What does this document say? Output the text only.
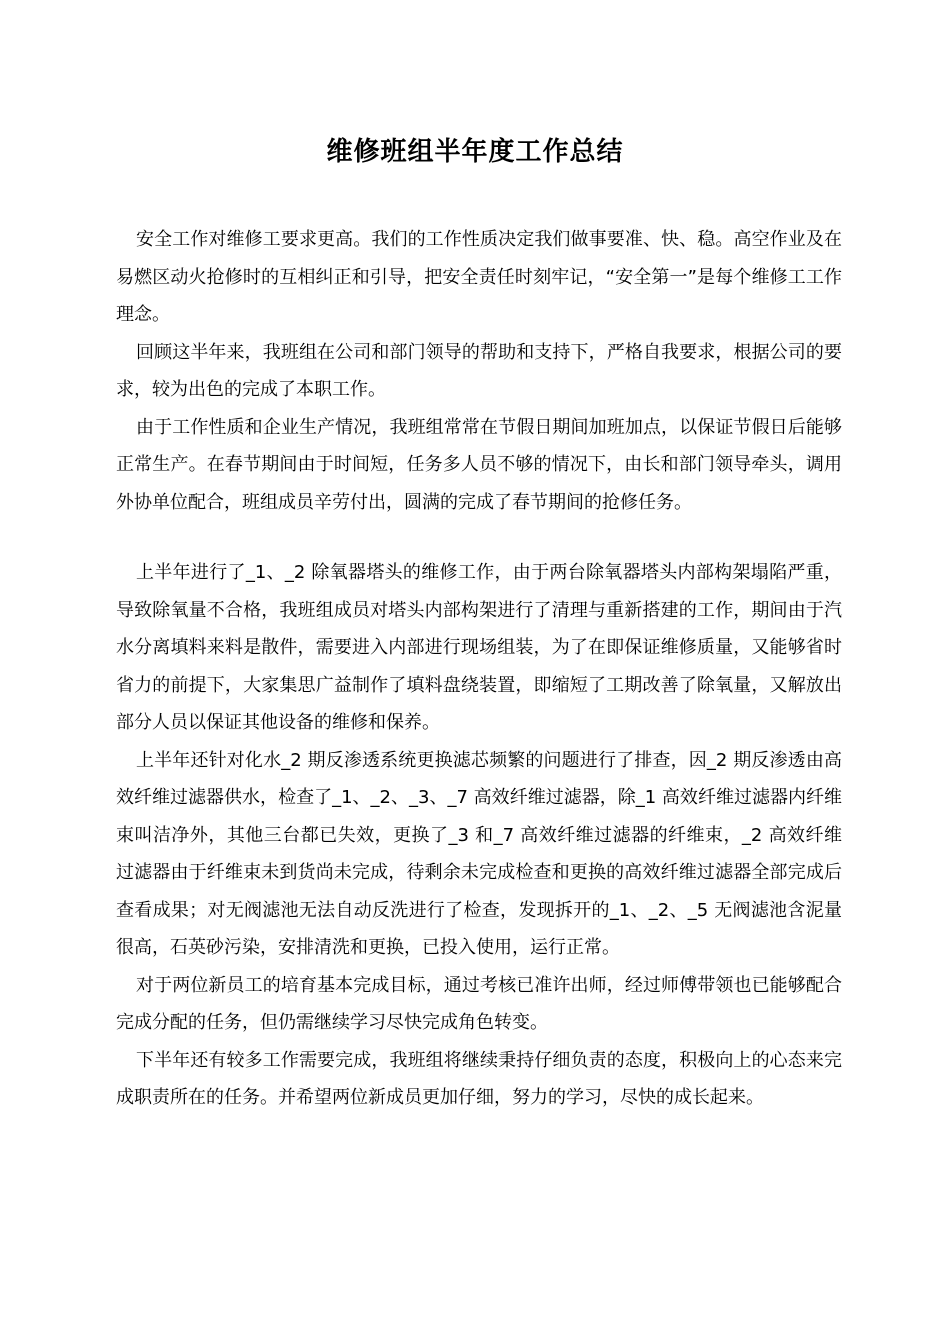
维修班组半年度工作总结

安全工作对维修工要求更高。我们的工作性质决定我们做事要准、快、稳。高空作业及在易燃区动火抢修时的互相纠正和引导，把安全责任时刻牢记，“安全第一”是每个维修工工作理念。

回顾这半年来，我班组在公司和部门领导的帮助和支持下，严格自我要求，根据公司的要求，较为出色的完成了本职工作。

由于工作性质和企业生产情况，我班组常常在节假日期间加班加点，以保证节假日后能够正常生产。在春节期间由于时间短，任务多人员不够的情况下，由长和部门领导牵头，调用外协单位配合，班组成员辛劳付出，圆满的完成了春节期间的抢修任务。

上半年进行了_1、_2 除氧器塔头的维修工作，由于两台除氧器塔头内部构架塌陷严重，导致除氧量不合格，我班组成员对塔头内部构架进行了清理与重新搭建的工作，期间由于汽水分离填料来料是散件，需要进入内部进行现场组装，为了在即保证维修质量，又能够省时省力的前提下，大家集思广益制作了填料盘绕装置，即缩短了工期改善了除氧量，又解放出部分人员以保证其他设备的维修和保养。

上半年还针对化水_2 期反渗透系统更换滤芯频繁的问题进行了排查，因_2 期反渗透由高效纤维过滤器供水，检查了_1、_2、_3、_7 高效纤维过滤器，除_1 高效纤维过滤器内纤维束叫洁净外，其他三台都已失效，更换了_3 和_7 高效纤维过滤器的纤维束，_2 高效纤维过滤器由于纤维束未到货尚未完成，待剩余未完成检查和更换的高效纤维过滤器全部完成后查看成果；对无阀滤池无法自动反洗进行了检查，发现拆开的_1、_2、_5 无阀滤池含泥量很高，石英砂污染，安排清洗和更换，已投入使用，运行正常。

对于两位新员工的培育基本完成目标，通过考核已准许出师，经过师傅带领也已能够配合完成分配的任务，但仍需继续学习尽快完成角色转变。

下半年还有较多工作需要完成，我班组将继续秉持仔细负责的态度，积极向上的心态来完成职责所在的任务。并希望两位新成员更加仔细，努力的学习，尽快的成长起来。
